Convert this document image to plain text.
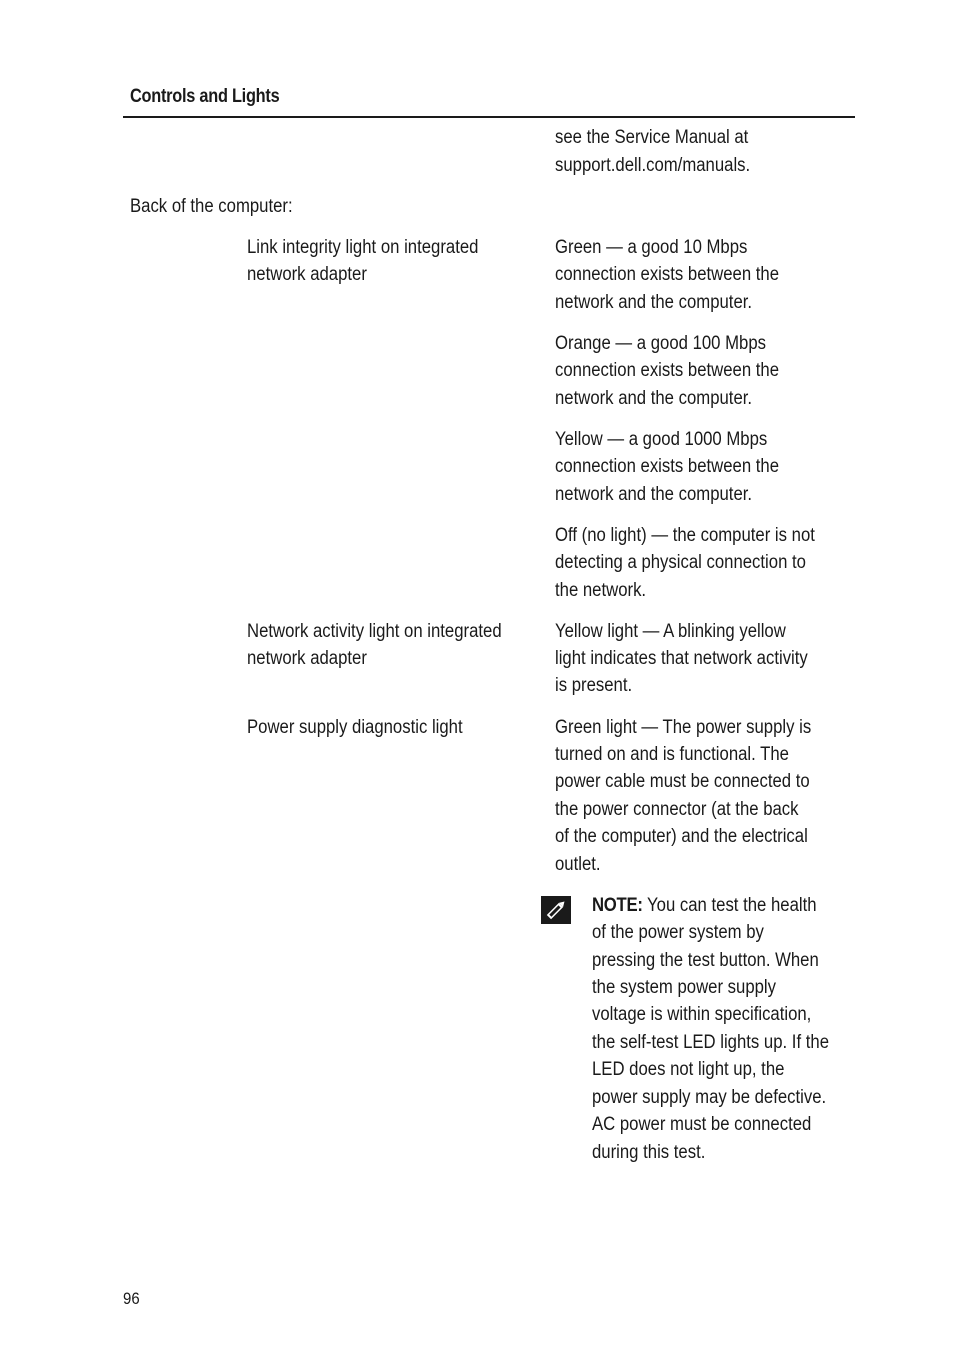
Controls and Lights
see the Service Manual at
support.dell.com/manuals.
Back of the computer:
Link integrity light on integrated
network adapter
Green — a good 10 Mbps
connection exists between the
network and the computer.
Orange — a good 100 Mbps
connection exists between the
network and the computer.
Yellow — a good 1000 Mbps
connection exists between the
network and the computer.
Off (no light) — the computer is not
detecting a physical connection to
the network.
Network activity light on integrated
network adapter
Yellow light — A blinking yellow
light indicates that network activity
is present.
Power supply diagnostic light	Green light — The power supply is
turned on and is functional. The
power cable must be connected to
the power connector (at the back
of the computer) and the electrical
outlet.
NOTE: You can test the health
of the power system by
pressing the test button. When
the system power supply
voltage is within specification,
the self-test LED lights up. If the
LED does not light up, the
power supply may be defective.
AC power must be connected
during this test.
96
